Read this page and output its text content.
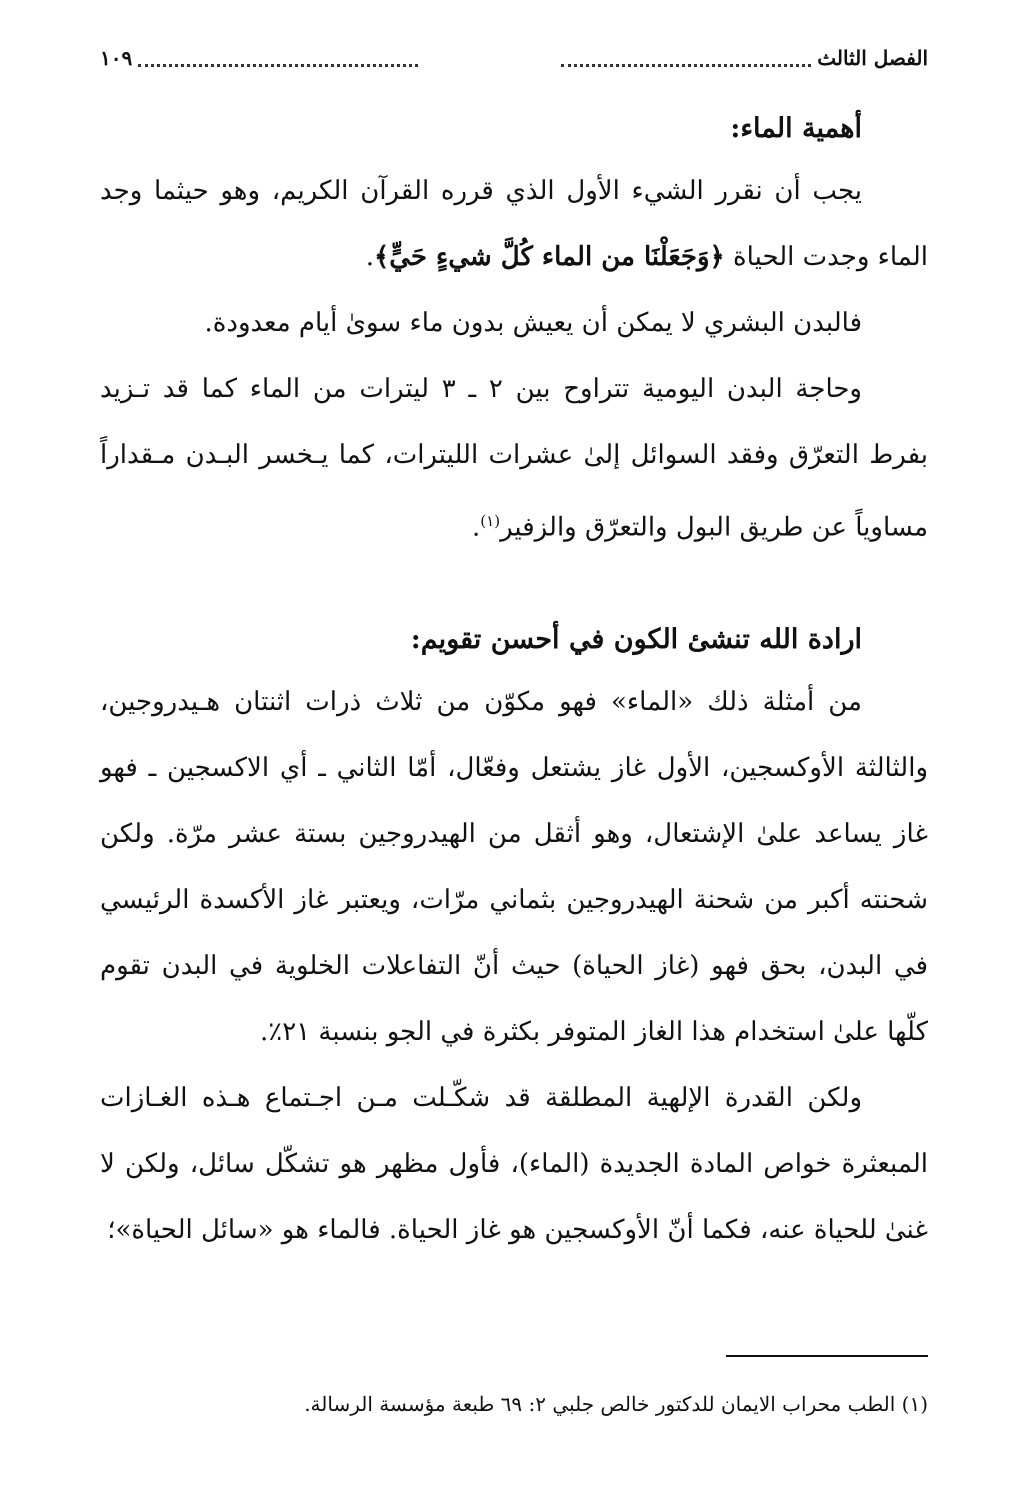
الفصل الثالث
١٠٩
أهمية الماء:

يجب أن نقرر الشيء الأول الذي قرره القرآن الكريم، وهو حيثما وجد الماء وجدت الحياة ﴿وَجَعَلْنَا من الماء كُلَّ شيءٍ حَيٍّ﴾.

فالبدن البشري لا يمكن أن يعيش بدون ماء سوىٰ أيام معدودة.

وحاجة البدن اليومية تتراوح بين ٢ ـ ٣ ليترات من الماء كما قد تـزيد بفرط التعرّق وفقد السوائل إلىٰ عشرات الليترات، كما يـخسر البـدن مـقداراً مساوياً عن طريق البول والتعرّق والزفير$^{(١)}$.

ارادة الله تنشئ الكون في أحسن تقويم:

من أمثلة ذلك «الماء» فهو مكوّن من ثلاث ذرات اثنتان هـيدروجين، والثالثة الأوكسجين، الأول غاز يشتعل وفعّال، أمّا الثاني ـ أي الاكسجين ـ فهو غاز يساعد علىٰ الإشتعال، وهو أثقل من الهيدروجين بستة عشر مرّة. ولكن شحنته أكبر من شحنة الهيدروجين بثماني مرّات، ويعتبر غاز الأكسدة الرئيسي في البدن، بحق فهو (غاز الحياة) حيث أنّ التفاعلات الخلوية في البدن تقوم كلّها علىٰ استخدام هذا الغاز المتوفر بكثرة في الجو بنسبة ٢١٪.

ولكن القدرة الإلهية المطلقة قد شكّـلت مـن اجـتماع هـذه الغـازات المبعثرة خواص المادة الجديدة (الماء)، فأول مظهر هو تشكّل سائل، ولكن لا غنىٰ للحياة عنه، فكما أنّ الأوكسجين هو غاز الحياة. فالماء هو «سائل الحياة»؛

(١) الطب محراب الايمان للدكتور خالص جلبي ٢: ٦٩ طبعة مؤسسة الرسالة.
